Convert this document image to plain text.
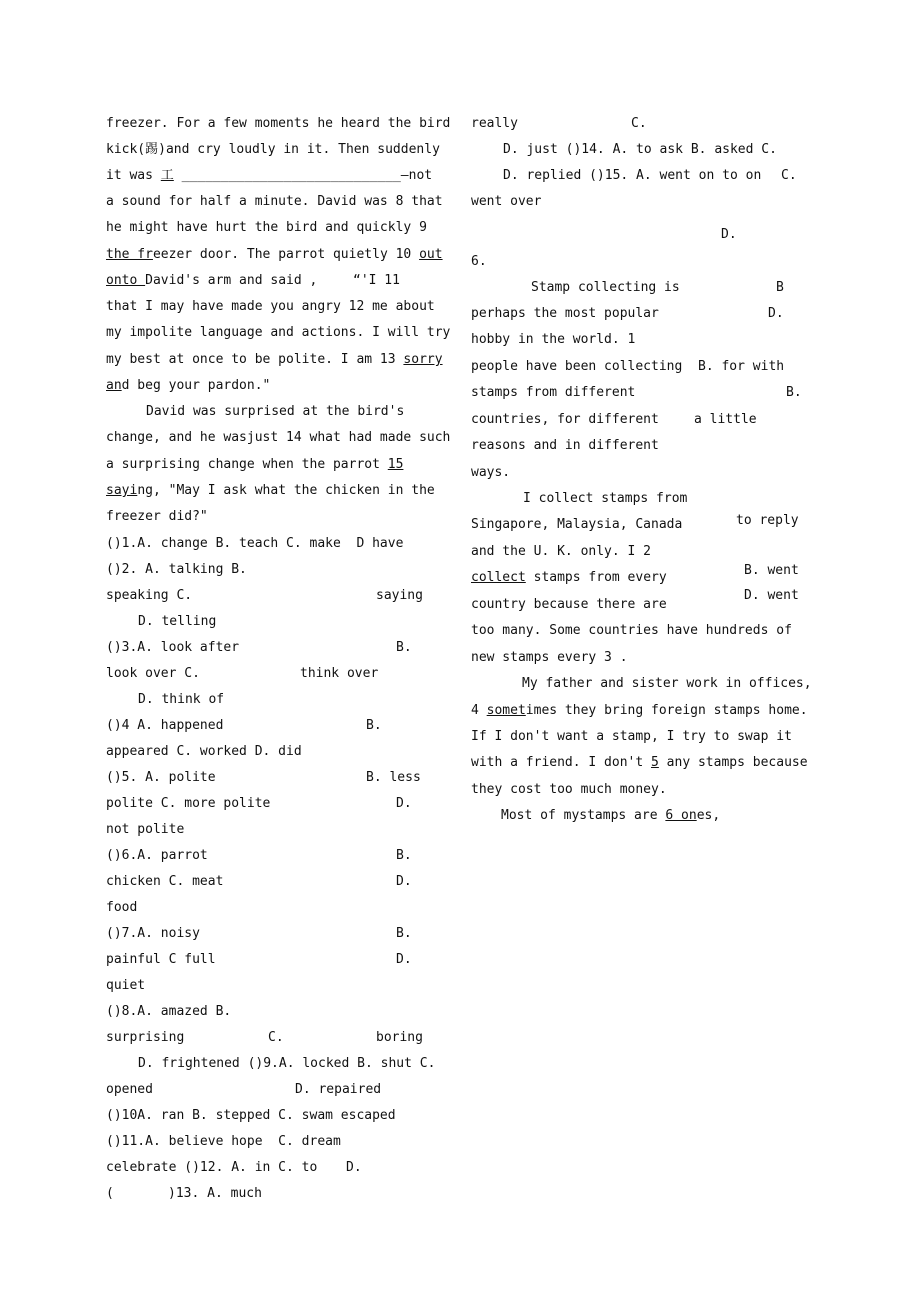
freezer. For a few moments he heard the bird
kick(踢)and cry loudly in it. Then suddenly
it was 工 ____________________________—not
a sound for half a minute. David was 8 that
he might have hurt the bird and quickly 9
the freezer door. The parrot quietly 10 out
onto David's arm and said ,	“'I 11
that I may have made you angry 12 me about
my impolite language and actions. I will try
my best at once to be polite. I am 13 sorry
and beg your pardon."
David was surprised at the bird's
change, and he wasjust 14 what had made such
a surprising change when the parrot 15
saying, "May I ask what the chicken in the
freezer did?"
()1.A. change B. teach C. make  D have
()2. A. talking B.
speaking C.	saying
D. telling
()3.A. look after	B.
look over C.	think over
D. think of
()4 A. happened	B.
appeared C. worked D. did
()5. A. polite	B. less
polite C. more polite	D.
not polite
()6.A. parrot	B.
chicken C. meat	D.
food
()7.A. noisy	B.
painful C full	D.
quiet
()8.A. amazed B.
surprising	C.	boring
D. frightened ()9.A. locked B. shut C.
opened	D. repaired
()10A. ran B. stepped C. swam escaped
()11.A. believe hope  C. dream
celebrate ()12. A. in C. to D.
(	)13. A. much
really	C.
D. just ()14. A. to ask B. asked C.
D. replied ()15. A. went on to on C.
went over
D.
6.
Stamp collecting is	B
perhaps the most popular	D.
hobby in the world. 1
people have been collecting B. for with
stamps from different	B.
countries, for different	a little
reasons and in different
ways.
I collect stamps from
Singapore, Malaysia, Canada	to reply
and the U. K. only. I 2
collect stamps from every	B. went
country because there are
D. went
too many. Some countries have hundreds of
new stamps every 3 .
My father and sister work in offices,
4 sometimes they bring foreign stamps home.
If I don't want a stamp, I try to swap it
with a friend. I don't 5 any stamps because
they cost too much money.
Most of mystamps are 6 ones,
